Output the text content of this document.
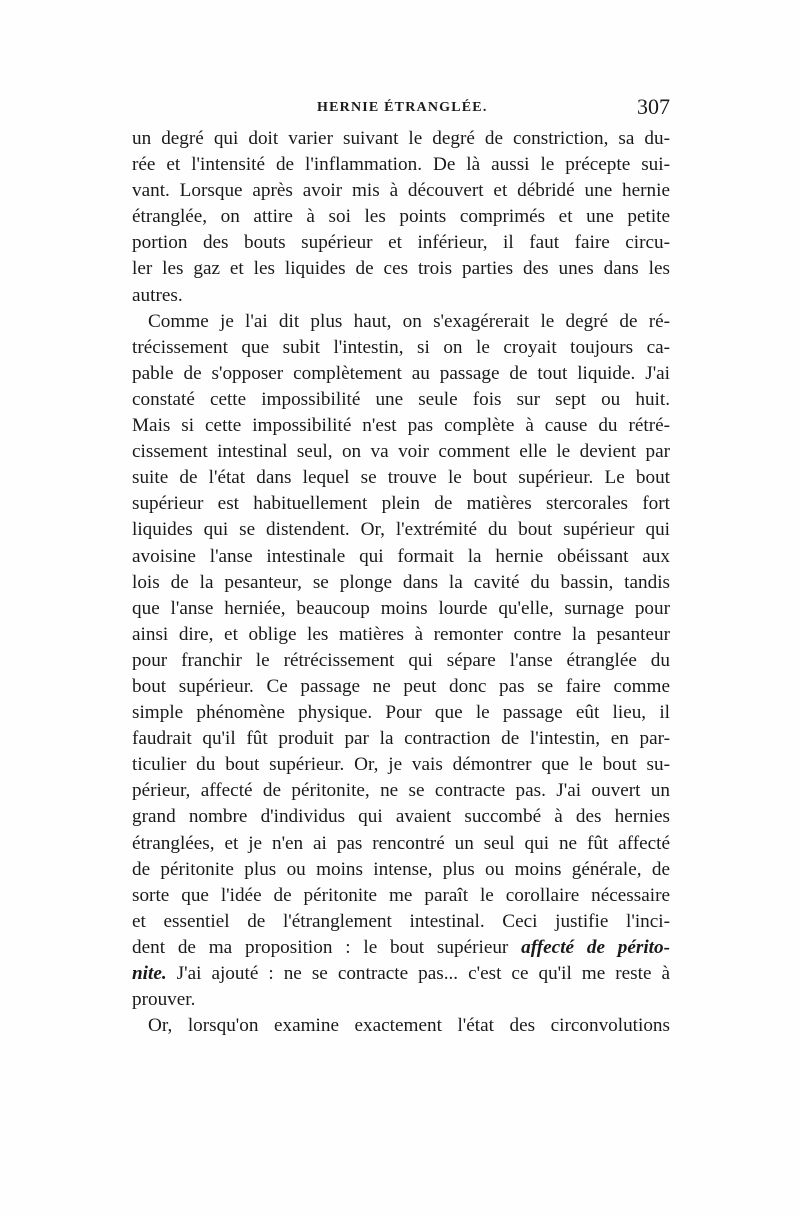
HERNIE ÉTRANGLÉE.	307
un degré qui doit varier suivant le degré de constriction, sa du-
rée et l'intensité de l'inflammation. De là aussi le précepte sui-
vant. Lorsque après avoir mis à découvert et débridé une hernie
étranglée, on attire à soi les points comprimés et une petite
portion des bouts supérieur et inférieur, il faut faire circu-
ler les gaz et les liquides de ces trois parties des unes dans les
autres.
Comme je l'ai dit plus haut, on s'exagérerait le degré de ré-
trécissement que subit l'intestin, si on le croyait toujours ca-
pable de s'opposer complètement au passage de tout liquide. J'ai
constaté cette impossibilité une seule fois sur sept ou huit.
Mais si cette impossibilité n'est pas complète à cause du rétré-
cissement intestinal seul, on va voir comment elle le devient par
suite de l'état dans lequel se trouve le bout supérieur. Le bout
supérieur est habituellement plein de matières stercorales fort
liquides qui se distendent. Or, l'extrémité du bout supérieur qui
avoisine l'anse intestinale qui formait la hernie obéissant aux
lois de la pesanteur, se plonge dans la cavité du bassin, tandis
que l'anse herniée, beaucoup moins lourde qu'elle, surnage pour
ainsi dire, et oblige les matières à remonter contre la pesanteur
pour franchir le rétrécissement qui sépare l'anse étranglée du
bout supérieur. Ce passage ne peut donc pas se faire comme
simple phénomène physique. Pour que le passage eût lieu, il
faudrait qu'il fût produit par la contraction de l'intestin, en par-
ticulier du bout supérieur. Or, je vais démontrer que le bout su-
périeur, affecté de péritonite, ne se contracte pas. J'ai ouvert un
grand nombre d'individus qui avaient succombé à des hernies
étranglées, et je n'en ai pas rencontré un seul qui ne fût affecté
de péritonite plus ou moins intense, plus ou moins générale, de
sorte que l'idée de péritonite me paraît le corollaire nécessaire
et essentiel de l'étranglement intestinal. Ceci justifie l'inci-
dent de ma proposition : le bout supérieur affecté de périto-
nite. J'ai ajouté : ne se contracte pas... c'est ce qu'il me reste à
prouver.
Or, lorsqu'on examine exactement l'état des circonvolutions
